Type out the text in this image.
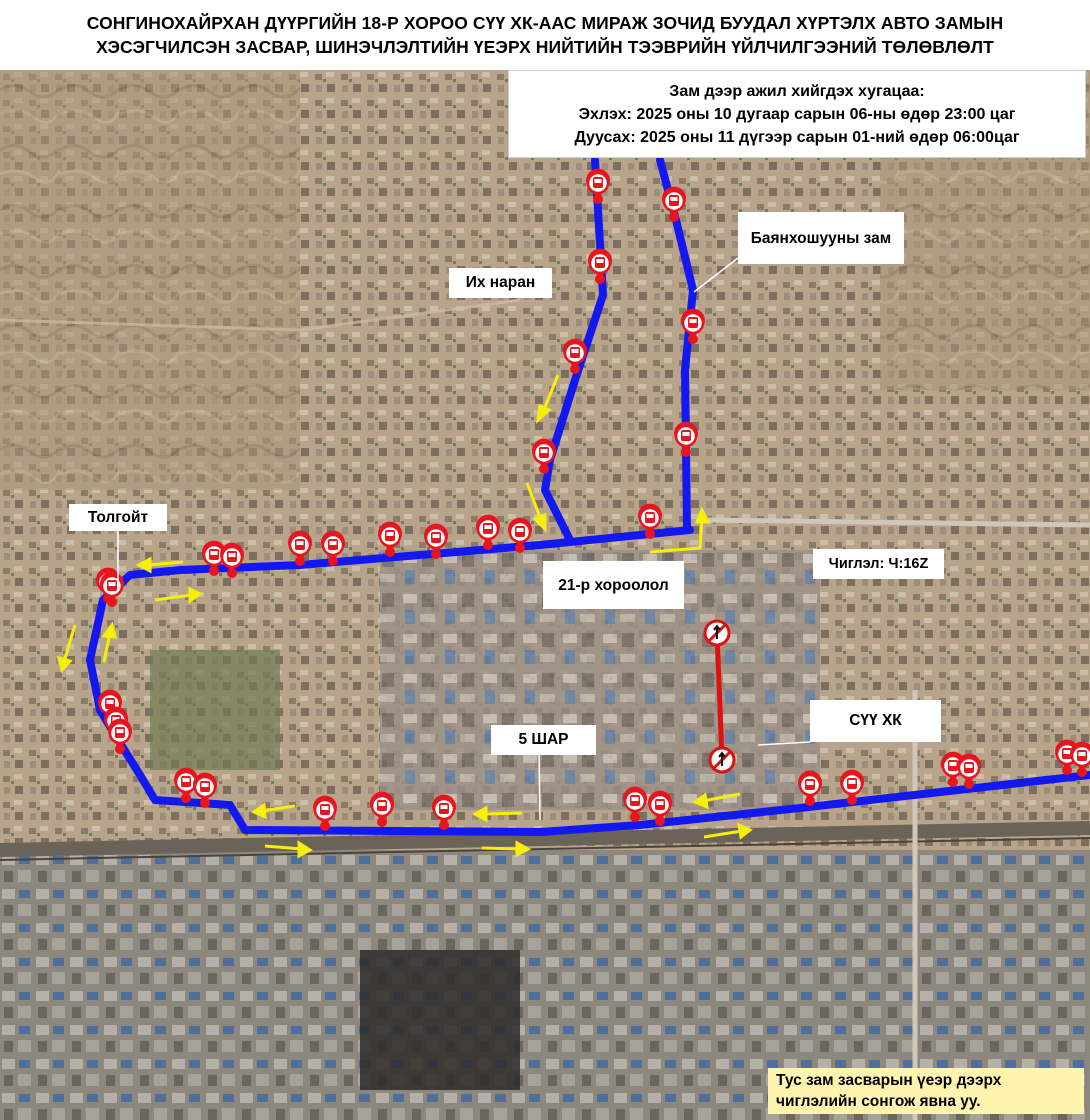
СОНГИНОХАЙРХАН ДҮҮРГИЙН 18-Р ХОРОО СҮҮ ХК-ААС МИРАЖ ЗОЧИД БУУДАЛ ХҮРТЭЛХ АВТО ЗАМЫН
ХЭСЭГЧИЛСЭН ЗАСВАР, ШИНЭЧЛЭЛТИЙН ҮЕЭРХ НИЙТИЙН ТЭЭВРИЙН ҮЙЛЧИЛГЭЭНИЙ ТӨЛӨВЛӨЛТ
Зам дээр ажил хийгдэх хугацаа:
Эхлэх: 2025 оны 10 дугаар сарын 06-ны өдөр 23:00 цаг
Дуусах: 2025 оны 11 дүгээр сарын 01-ний өдөр 06:00цаг
Баянхошууны зам
Их наран
Толгойт
21-р хороолол
Чиглэл: Ч:16Z
СҮҮ ХК
5 ШАР
Тус зам засварын үеэр дээрх
чиглэлийн сонгож явна уу.
